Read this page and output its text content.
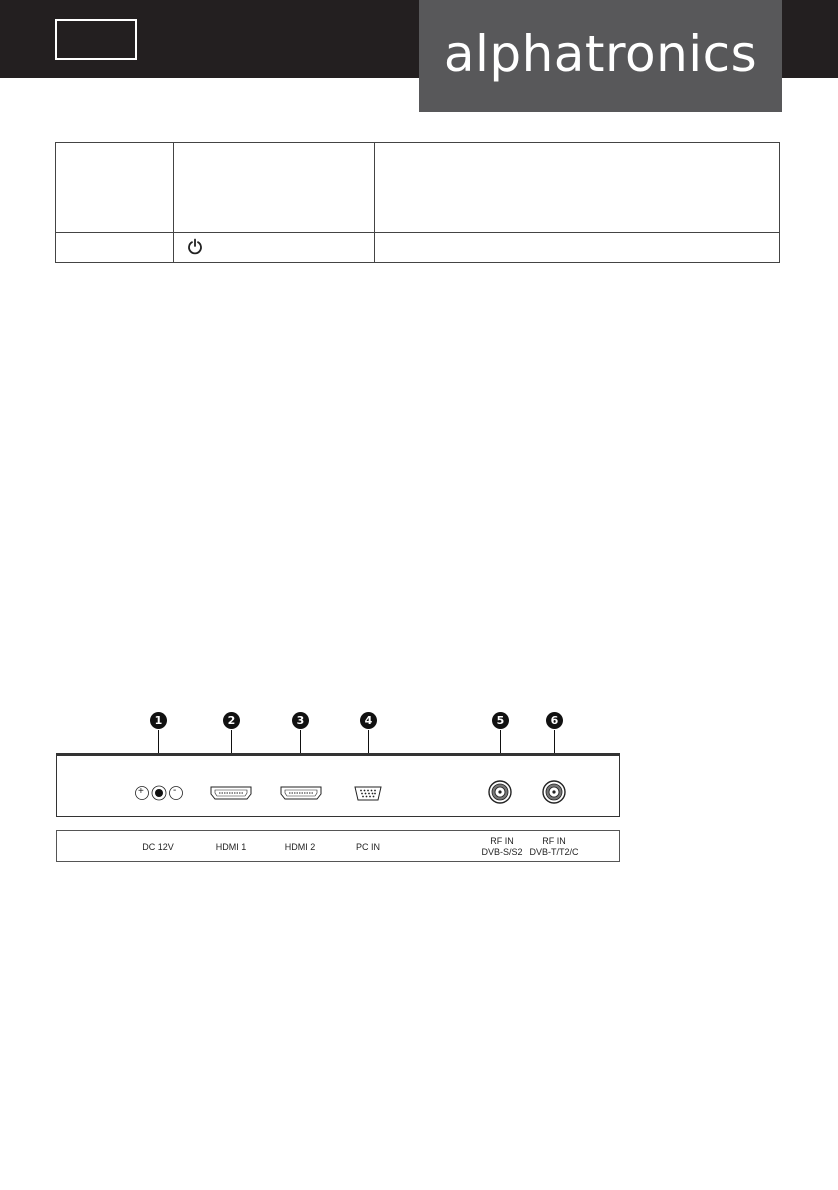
alphatronics

1	2	3	4	5	6
+	-
DC 12V	HDMI 1	HDMI 2	PC IN
RF IN
DVB-S/S2
RF IN
DVB-T/T2/C
